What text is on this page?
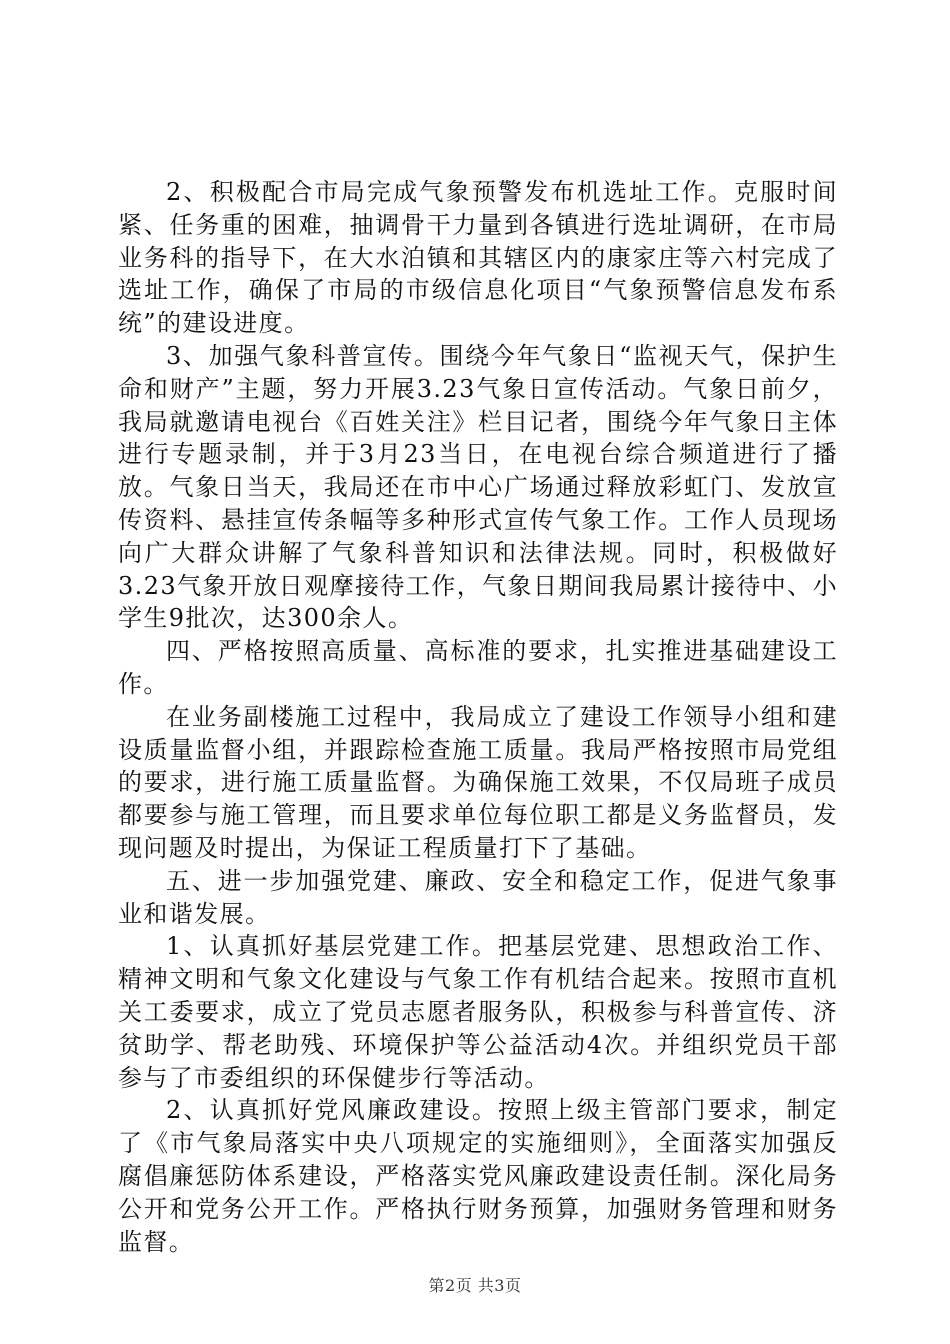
2、积极配合市局完成气象预警发布机选址工作。克服时间紧、任务重的困难，抽调骨干力量到各镇进行选址调研，在市局业务科的指导下，在大水泊镇和其辖区内的康家庄等六村完成了选址工作，确保了市局的市级信息化项目“气象预警信息发布系统”的建设进度。

3、加强气象科普宣传。围绕今年气象日“监视天气，保护生命和财产”主题，努力开展3.23气象日宣传活动。气象日前夕，我局就邀请电视台《百姓关注》栏目记者，围绕今年气象日主体进行专题录制，并于3月23当日，在电视台综合频道进行了播放。气象日当天，我局还在市中心广场通过释放彩虹门、发放宣传资料、悬挂宣传条幅等多种形式宣传气象工作。工作人员现场向广大群众讲解了气象科普知识和法律法规。同时，积极做好3.23气象开放日观摩接待工作，气象日期间我局累计接待中、小学生9批次，达300余人。

四、严格按照高质量、高标准的要求，扎实推进基础建设工作。

在业务副楼施工过程中，我局成立了建设工作领导小组和建设质量监督小组，并跟踪检查施工质量。我局严格按照市局党组的要求，进行施工质量监督。为确保施工效果，不仅局班子成员都要参与施工管理，而且要求单位每位职工都是义务监督员，发现问题及时提出，为保证工程质量打下了基础。

五、进一步加强党建、廉政、安全和稳定工作，促进气象事业和谐发展。

1、认真抓好基层党建工作。把基层党建、思想政治工作、精神文明和气象文化建设与气象工作有机结合起来。按照市直机关工委要求，成立了党员志愿者服务队，积极参与科普宣传、济贫助学、帮老助残、环境保护等公益活动4次。并组织党员干部参与了市委组织的环保健步行等活动。

2、认真抓好党风廉政建设。按照上级主管部门要求，制定了《市气象局落实中央八项规定的实施细则》，全面落实加强反腐倡廉惩防体系建设，严格落实党风廉政建设责任制。深化局务公开和党务公开工作。严格执行财务预算，加强财务管理和财务监督。

第2页 共3页
